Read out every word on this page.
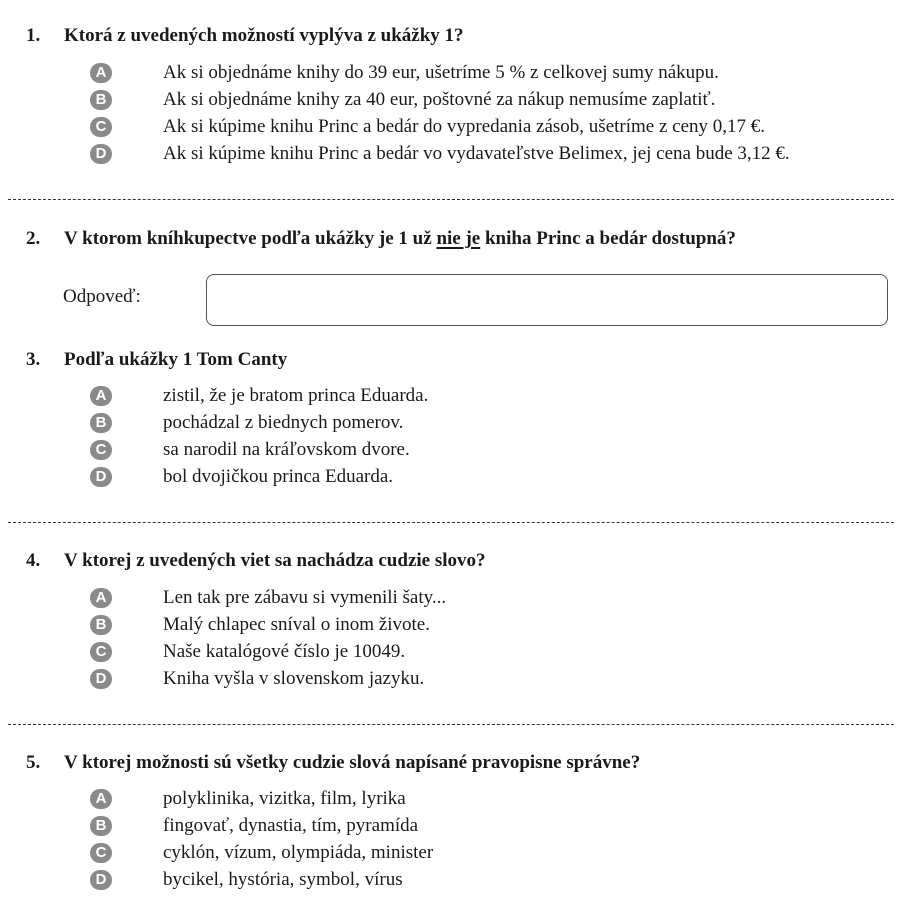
1. Ktorá z uvedených možností vyplýva z ukážky 1?
A	Ak si objednáme knihy do 39 eur, ušetríme 5 % z celkovej sumy nákupu.
B	Ak si objednáme knihy za 40 eur, poštovné za nákup nemusíme zaplatiť.
C	Ak si kúpime knihu Princ a bedár do vypredania zásob, ušetríme z ceny 0,17 €.
D	Ak si kúpime knihu Princ a bedár vo vydavateľstve Belimex, jej cena bude 3,12 €.
2. V ktorom kníhkupectve podľa ukážky je 1 už nie je kniha Princ a bedár dostupná?
Odpoveď:
3. Podľa ukážky 1 Tom Canty
A	zistil, že je bratom princa Eduarda.
B	pochádzal z biednych pomerov.
C	sa narodil na kráľovskom dvore.
D	bol dvojičkou princa Eduarda.
4. V ktorej z uvedených viet sa nachádza cudzie slovo?
A	Len tak pre zábavu si vymenili šaty...
B	Malý chlapec sníval o inom živote.
C	Naše katalógové číslo je 10049.
D	Kniha vyšla v slovenskom jazyku.
5. V ktorej možnosti sú všetky cudzie slová napísané pravopisne správne?
A	polyklinika, vizitka, film, lyrika
B	fingovať, dynastia, tím, pyramída
C	cyklón, vízum, olympiáda, minister
D	bycikel, hystória, symbol, vírus
